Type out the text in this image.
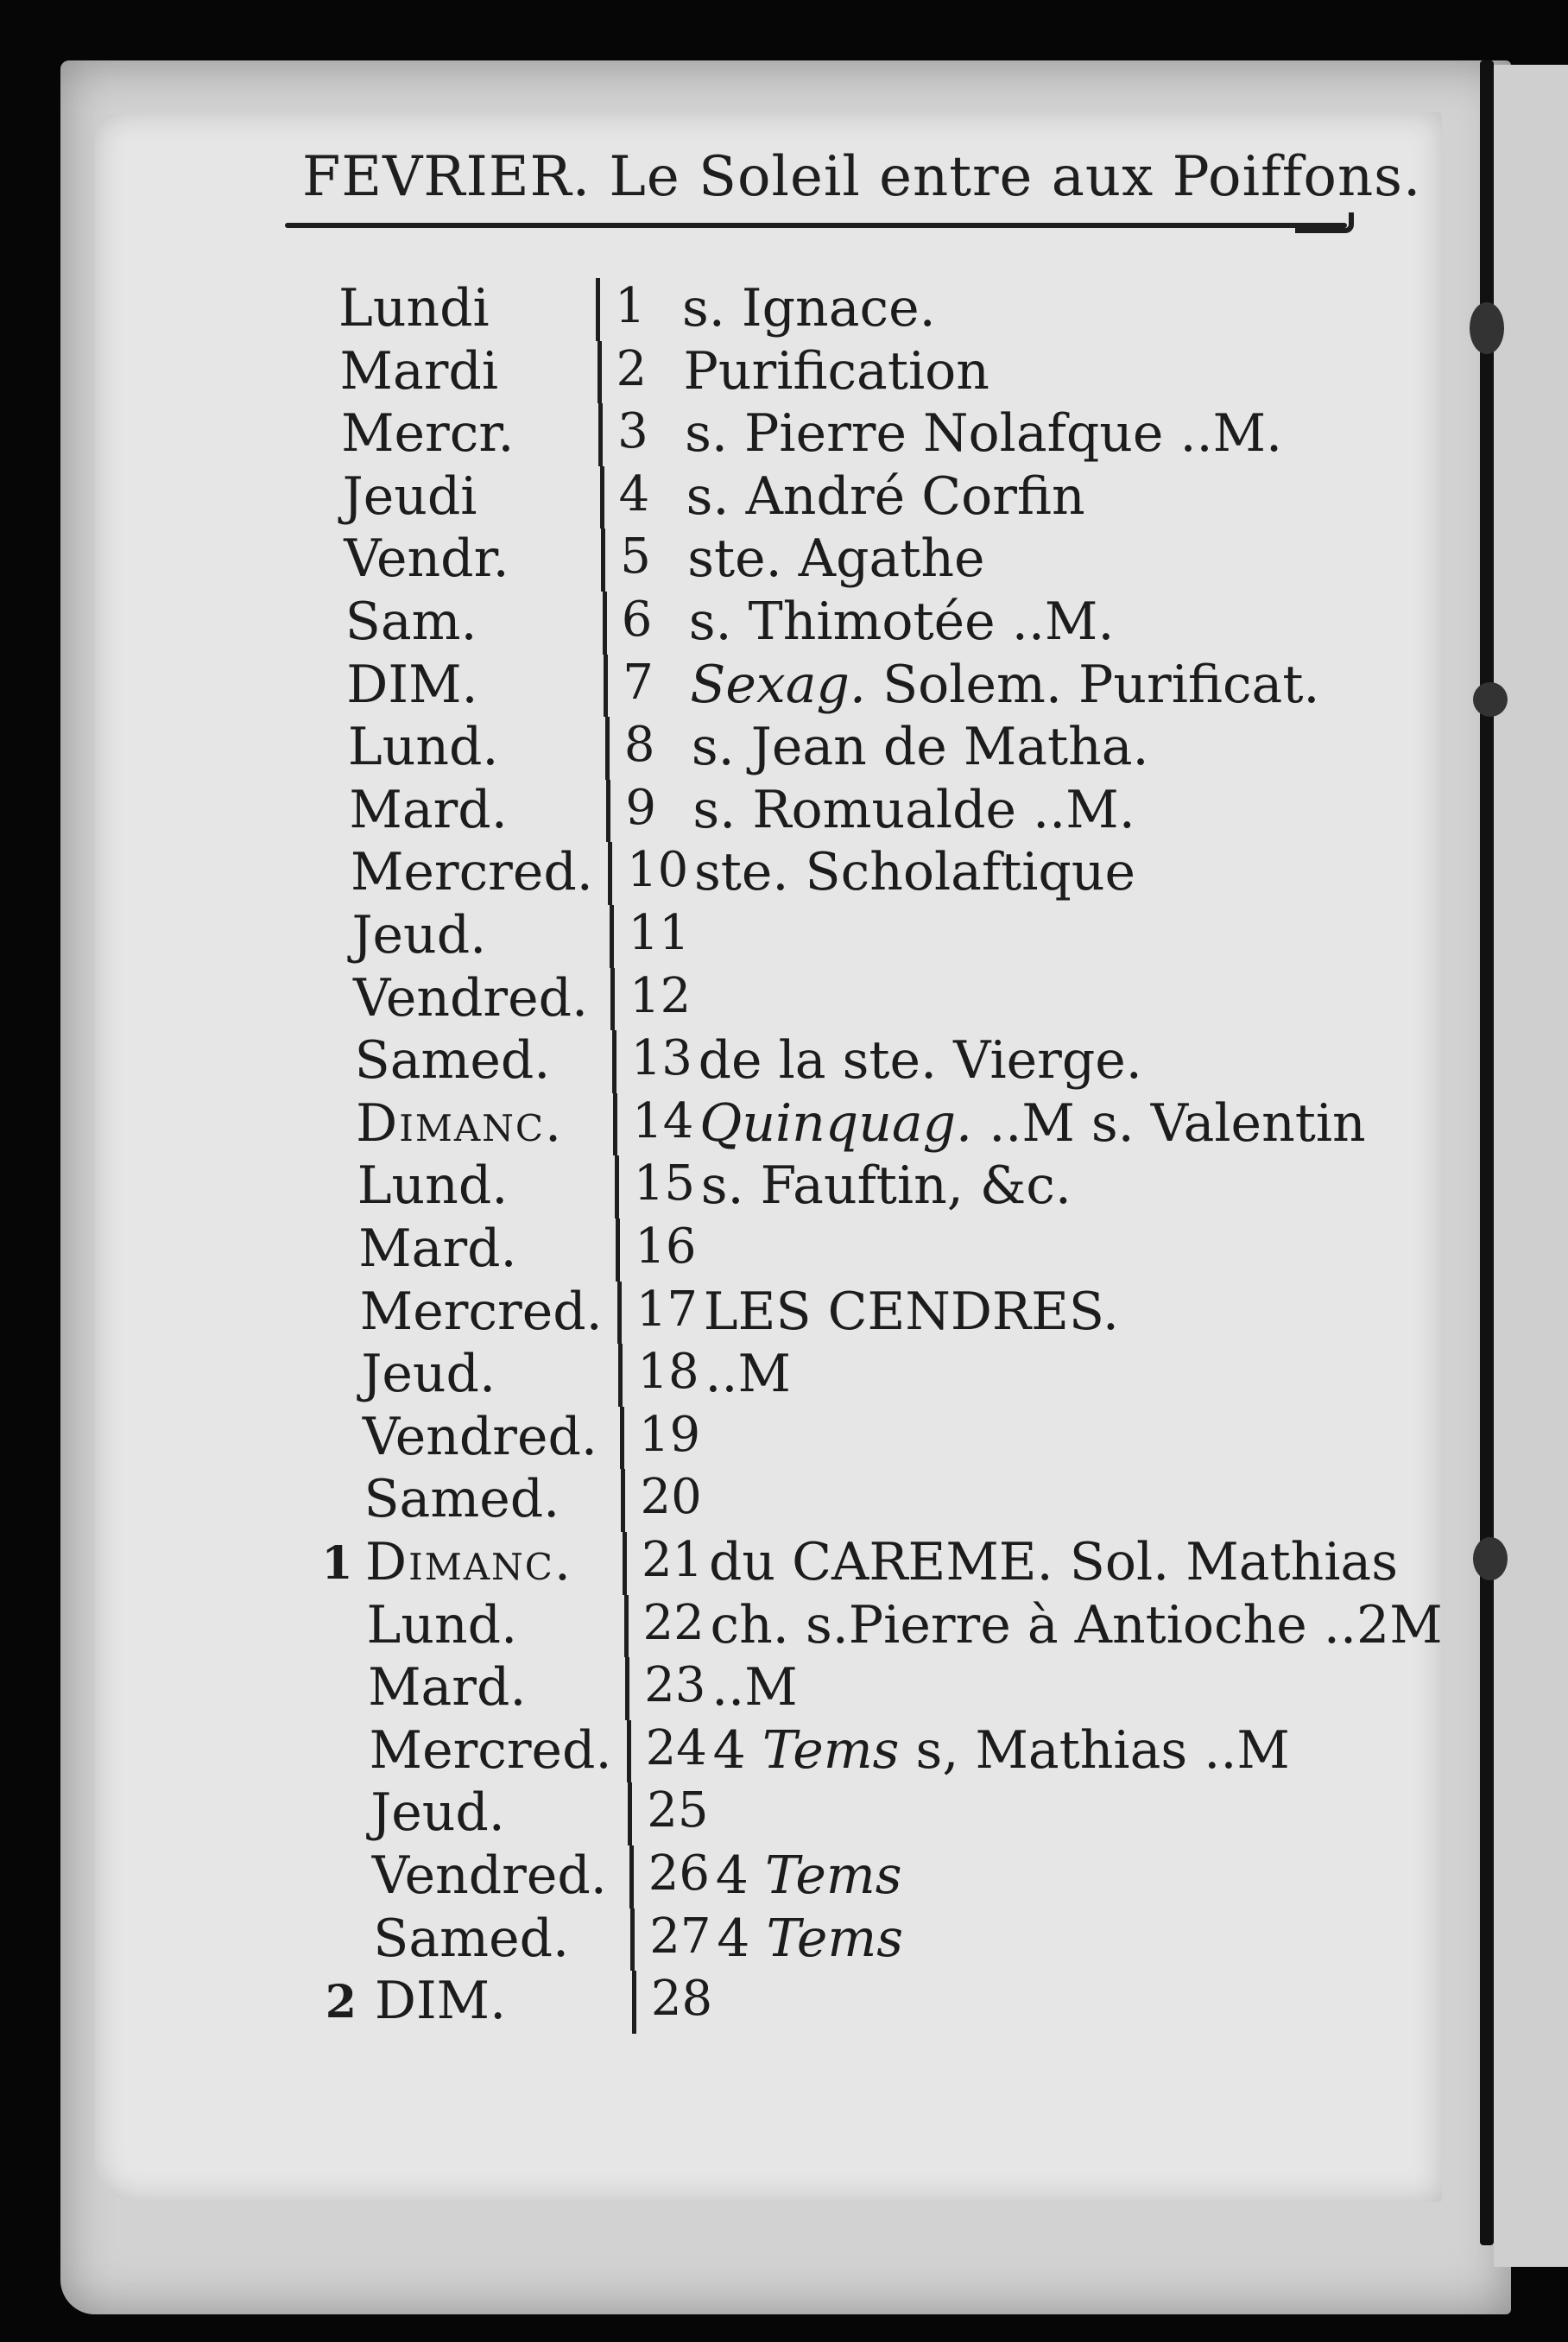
FEVRIER. Le Soleil entre aux Poiffons.
Lundi	1 s. Ignace.
Mardi 2 Purification
Mercr. 3 s. Pierre Nolafque ..M.
Jeudi	4 s. André Corfin
Vendr. 5 ste. Agathe
Sam.	6 s. Thimotée ..M.
DIM.	7 Sexag. Solem. Purificat.
Lund.	8 s. Jean de Matha.
Mard. 9 s. Romualde ..M.
Mercred. 10 ste. Scholaftique
Jeud.	11
Vendred. 12
Samed. 13 de la ste. Vierge.
Dimanc. 14 Quinquag. ..M s. Valentin
Lund.	15 s. Fauftin, &c.
Mard. 16
Mercred. 17 LES CENDRES.
Jeud.	18 ..M
Vendred. 19
Samed. 20
1 Dimanc. 21 du CAREME. Sol. Mathias
Lund.	22 ch. s.Pierre à Antioche ..2M
Mard. 23 ..M
Mercred. 24 4 Tems s, Mathias ..M
Jeud.	25
Vendred. 26 4 Tems
Samed. 27 4 Tems
2 DIM.	28
